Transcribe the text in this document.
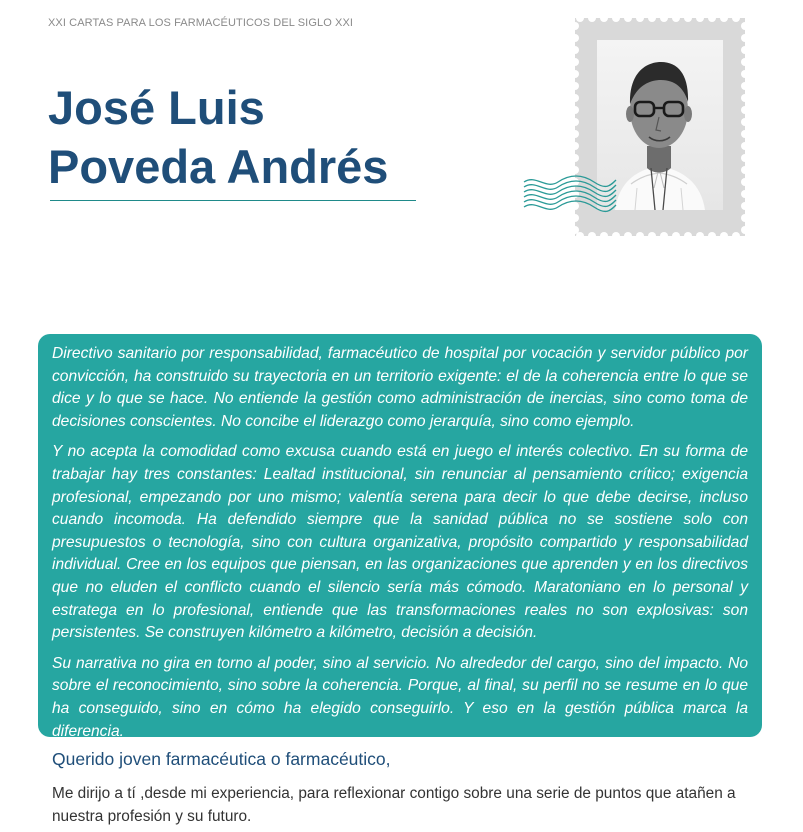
XXI CARTAS PARA LOS FARMACÉUTICOS DEL SIGLO XXI
José Luis
Poveda Andrés

Directivo sanitario por responsabilidad, farmacéutico de hospital por vocación y servidor público por convicción, ha construido su trayectoria en un territorio exigente: el de la coherencia entre lo que se dice y lo que se hace. No entiende la gestión como administración de inercias, sino como toma de decisiones conscientes. No concibe el liderazgo como jerarquía, sino como ejemplo.

Y no acepta la comodidad como excusa cuando está en juego el interés colectivo. En su forma de trabajar hay tres constantes: Lealtad institucional, sin renunciar al pensamiento crítico; exigencia profesional, empezando por uno mismo; valentía serena para decir lo que debe decirse, incluso cuando incomoda. Ha defendido siempre que la sanidad pública no se sostiene solo con presupuestos o tecnología, sino con cultura organizativa, propósito compartido y responsabilidad individual. Cree en los equipos que piensan, en las organizaciones que aprenden y en los directivos que no eluden el conflicto cuando el silencio sería más cómodo. Maratoniano en lo personal y estratega en lo profesional, entiende que las transformaciones reales no son explosivas: son persistentes. Se construyen kilómetro a kilómetro, decisión a decisión.

Su narrativa no gira en torno al poder, sino al servicio. No alrededor del cargo, sino del impacto. No sobre el reconocimiento, sino sobre la coherencia. Porque, al final, su perfil no se resume en lo que ha conseguido, sino en cómo ha elegido conseguirlo. Y eso en la gestión pública marca la diferencia.

Querido joven farmacéutica o farmacéutico,
Me dirijo a tí ,desde mi experiencia, para reflexionar contigo sobre una serie de puntos que atañen a nuestra profesión y su futuro.
